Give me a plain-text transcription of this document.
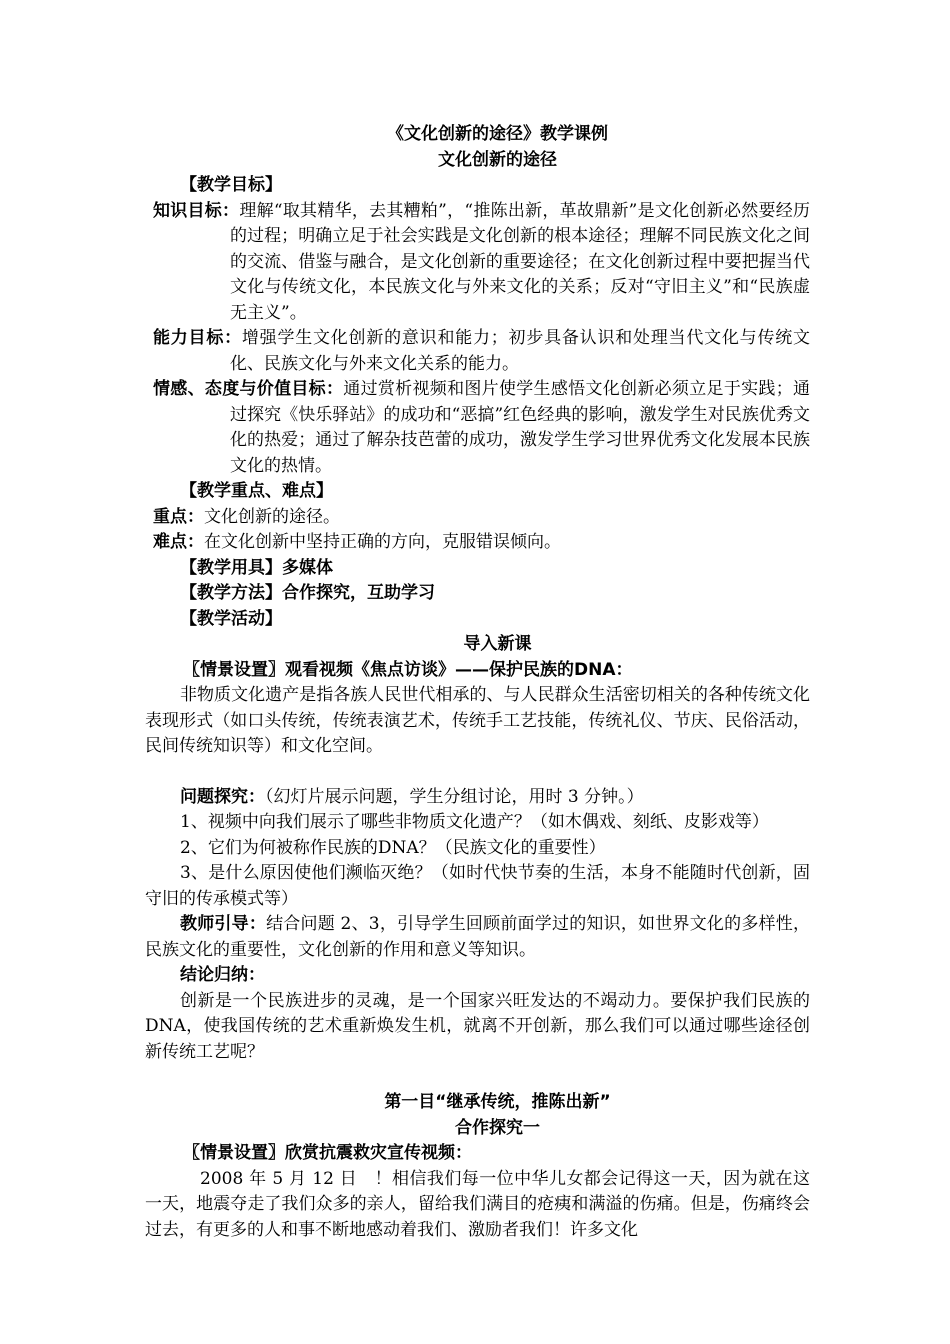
《文化创新的途径》教学课例
文化创新的途径
【教学目标】

知识目标：理解“取其精华，去其糟粕”，“推陈出新，革故鼎新”是文化创新必然要经历的过程；明确立足于社会实践是文化创新的根本途径；理解不同民族文化之间的交流、借鉴与融合，是文化创新的重要途径；在文化创新过程中要把握当代文化与传统文化，本民族文化与外来文化的关系；反对“守旧主义”和“民族虚无主义”。

能力目标：增强学生文化创新的意识和能力；初步具备认识和处理当代文化与传统文化、民族文化与外来文化关系的能力。

情感、态度与价值目标：通过赏析视频和图片使学生感悟文化创新必须立足于实践；通过探究《快乐驿站》的成功和“恶搞”红色经典的影响，激发学生对民族优秀文化的热爱；通过了解杂技芭蕾的成功，激发学生学习世界优秀文化发展本民族文化的热情。

【教学重点、难点】
重点：文化创新的途径。
难点：在文化创新中坚持正确的方向，克服错误倾向。
【教学用具】多媒体
【教学方法】合作探究，互助学习
【教学活动】
导入新课
〖情景设置〗观看视频《焦点访谈》——保护民族的DNA：

非物质文化遗产是指各族人民世代相承的、与人民群众生活密切相关的各种传统文化表现形式（如口头传统，传统表演艺术，传统手工艺技能，传统礼仪、节庆、民俗活动，民间传统知识等）和文化空间。

问题探究：（幻灯片展示问题，学生分组讨论，用时 3 分钟。）

1、视频中向我们展示了哪些非物质文化遗产？（如木偶戏、刻纸、皮影戏等）

2、它们为何被称作民族的DNA？（民族文化的重要性）

3、是什么原因使他们濒临灭绝？（如时代快节奏的生活，本身不能随时代创新，固守旧的传承模式等）

教师引导：结合问题 2、3，引导学生回顾前面学过的知识，如世界文化的多样性，民族文化的重要性，文化创新的作用和意义等知识。

结论归纳：

创新是一个民族进步的灵魂，是一个国家兴旺发达的不竭动力。要保护我们民族的DNA，使我国传统的艺术重新焕发生机，就离不开创新，那么我们可以通过哪些途径创新传统工艺呢？

第一目“继承传统，推陈出新”
合作探究一
〖情景设置〗欣赏抗震救灾宣传视频：

2008 年 5 月 12 日　！相信我们每一位中华儿女都会记得这一天，因为就在这一天，地震夺走了我们众多的亲人，留给我们满目的疮痍和满溢的伤痛。但是，伤痛终会过去，有更多的人和事不断地感动着我们、激励者我们！许多文化
